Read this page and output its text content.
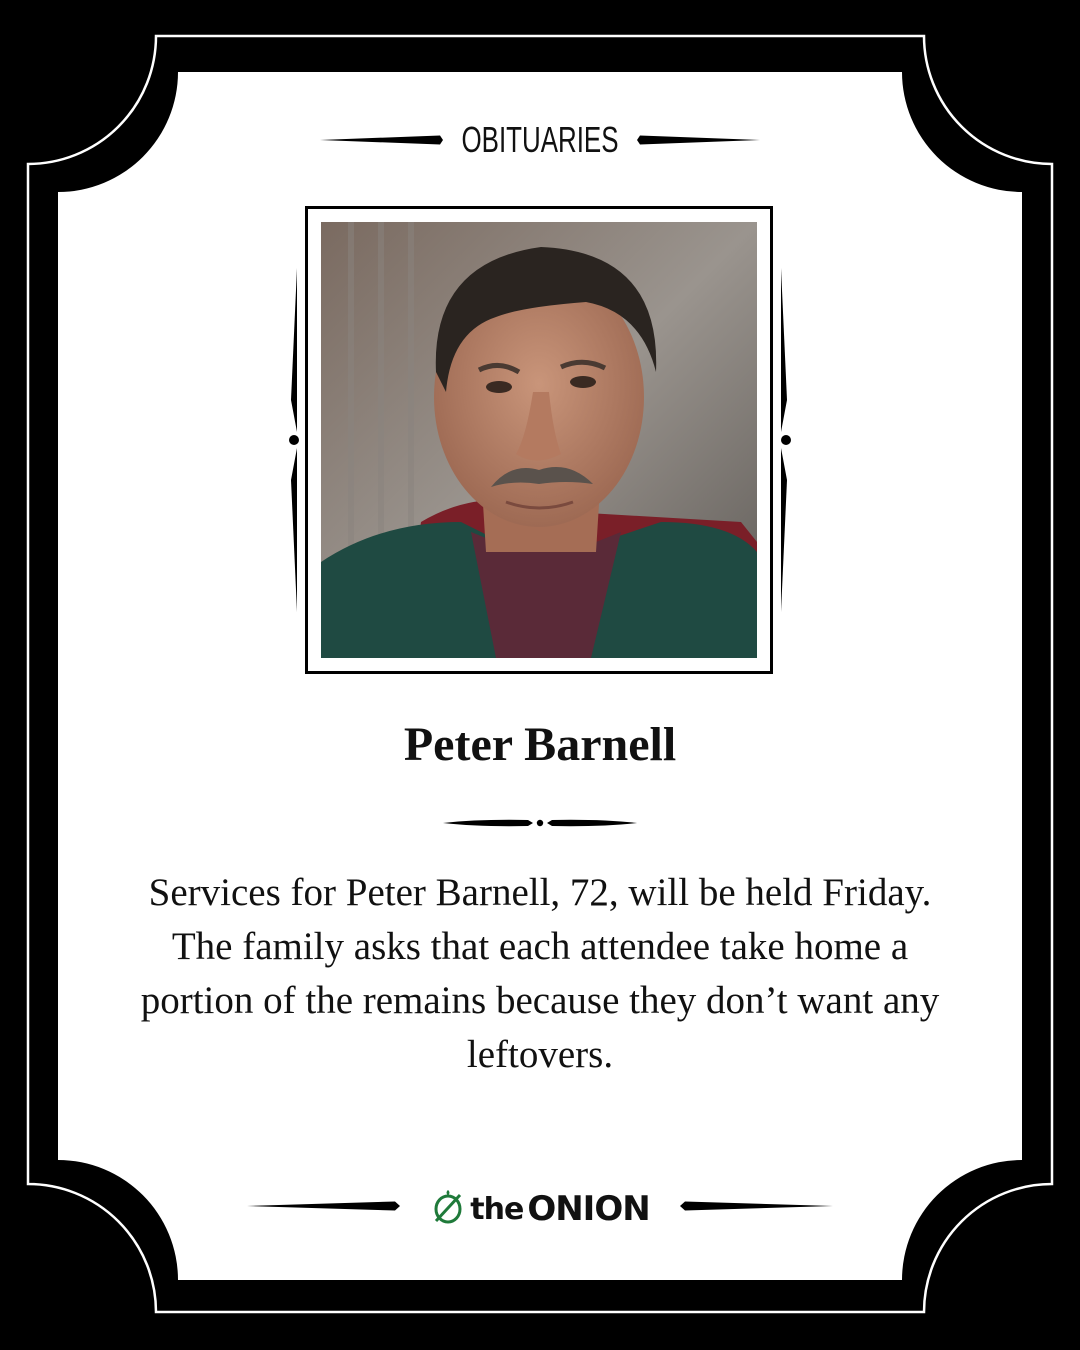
OBITUARIES
Peter Barnell
Services for Peter Barnell, 72, will be held Friday. The family asks that each attendee take home a portion of the remains because they don’t want any leftovers.
the ONION
